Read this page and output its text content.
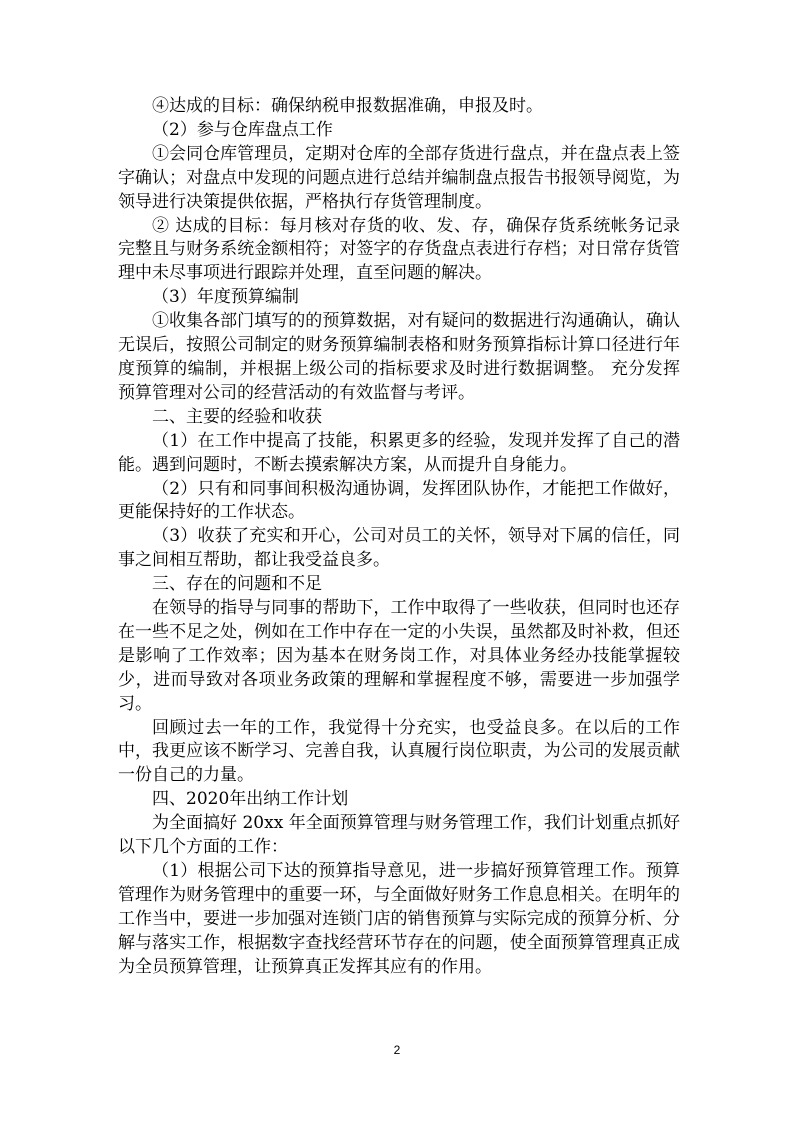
④达成的目标：确保纳税申报数据准确，申报及时。

（2）参与仓库盘点工作

①会同仓库管理员，定期对仓库的全部存货进行盘点，并在盘点表上签字确认；对盘点中发现的问题点进行总结并编制盘点报告书报领导阅览，为领导进行决策提供依据，严格执行存货管理制度。

② 达成的目标：每月核对存货的收、发、存，确保存货系统帐务记录完整且与财务系统金额相符；对签字的存货盘点表进行存档；对日常存货管理中未尽事项进行跟踪并处理，直至问题的解决。

（3）年度预算编制

①收集各部门填写的的预算数据，对有疑问的数据进行沟通确认，确认无误后，按照公司制定的财务预算编制表格和财务预算指标计算口径进行年度预算的编制，并根据上级公司的指标要求及时进行数据调整。 充分发挥预算管理对公司的经营活动的有效监督与考评。

二、主要的经验和收获

（1）在工作中提高了技能，积累更多的经验，发现并发挥了自己的潜能。遇到问题时，不断去摸索解决方案，从而提升自身能力。

（2）只有和同事间积极沟通协调，发挥团队协作，才能把工作做好，更能保持好的工作状态。

（3）收获了充实和开心，公司对员工的关怀，领导对下属的信任，同事之间相互帮助，都让我受益良多。

三、存在的问题和不足

在领导的指导与同事的帮助下，工作中取得了一些收获，但同时也还存在一些不足之处，例如在工作中存在一定的小失误，虽然都及时补救，但还是影响了工作效率；因为基本在财务岗工作，对具体业务经办技能掌握较少，进而导致对各项业务政策的理解和掌握程度不够，需要进一步加强学习。

回顾过去一年的工作，我觉得十分充实，也受益良多。在以后的工作中，我更应该不断学习、完善自我，认真履行岗位职责，为公司的发展贡献一份自己的力量。

四、2020年出纳工作计划

为全面搞好 20xx 年全面预算管理与财务管理工作，我们计划重点抓好以下几个方面的工作：

（1）根据公司下达的预算指导意见，进一步搞好预算管理工作。预算管理作为财务管理中的重要一环，与全面做好财务工作息息相关。在明年的工作当中，要进一步加强对连锁门店的销售预算与实际完成的预算分析、分解与落实工作，根据数字查找经营环节存在的问题，使全面预算管理真正成为全员预算管理，让预算真正发挥其应有的作用。

2
